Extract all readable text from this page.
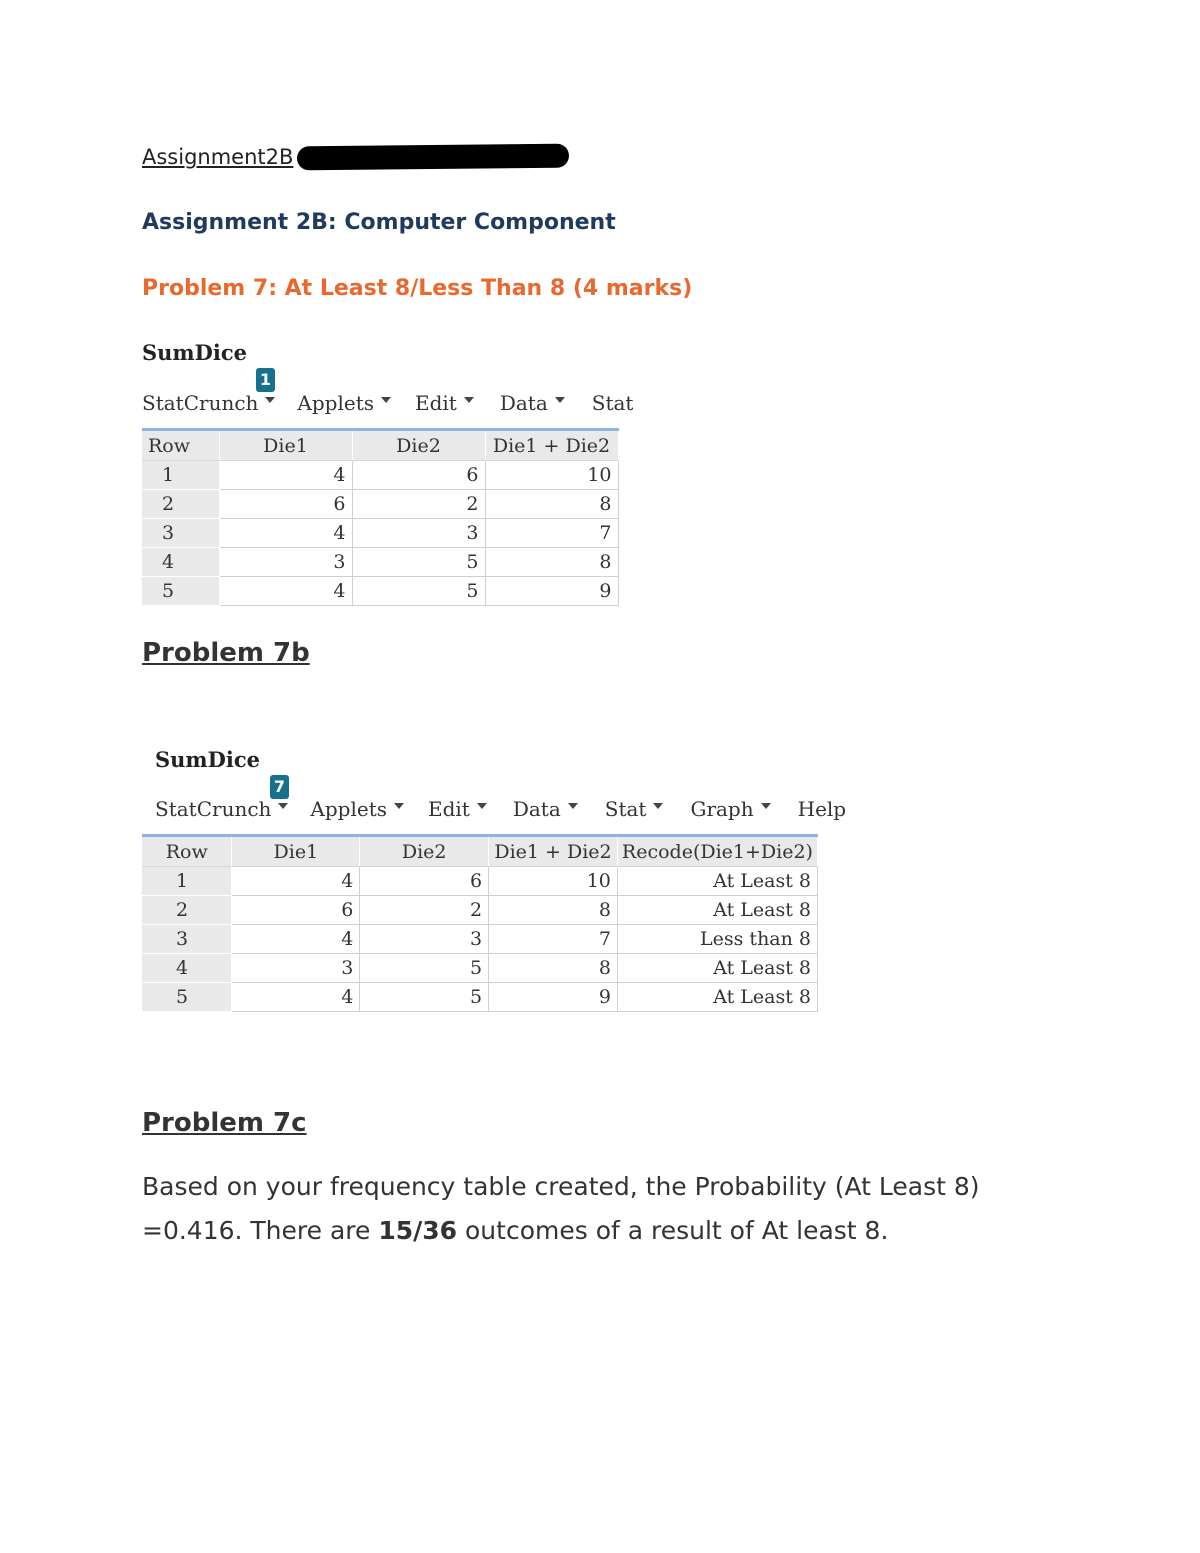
Assignment2B
Assignment 2B: Computer Component
Problem 7: At Least 8/Less Than 8 (4 marks)
SumDice
1
StatCrunch Applets Edit Data Stat
Row	Die1	Die2	Die1 + Die2
1	4	6	10
2	6	2	8
3	4	3	7
4	3	5	8
5	4	5	9
Problem 7b
SumDice
7
StatCrunch Applets Edit Data Stat Graph Help
Row	Die1	Die2	Die1 + Die2	Recode(Die1+Die2)
1	4	6	10	At Least 8
2	6	2	8	At Least 8
3	4	3	7	Less than 8
4	3	5	8	At Least 8
5	4	5	9	At Least 8
Problem 7c
Based on your frequency table created, the Probability (At Least 8) =0.416. There are 15/36 outcomes of a result of At least 8.
